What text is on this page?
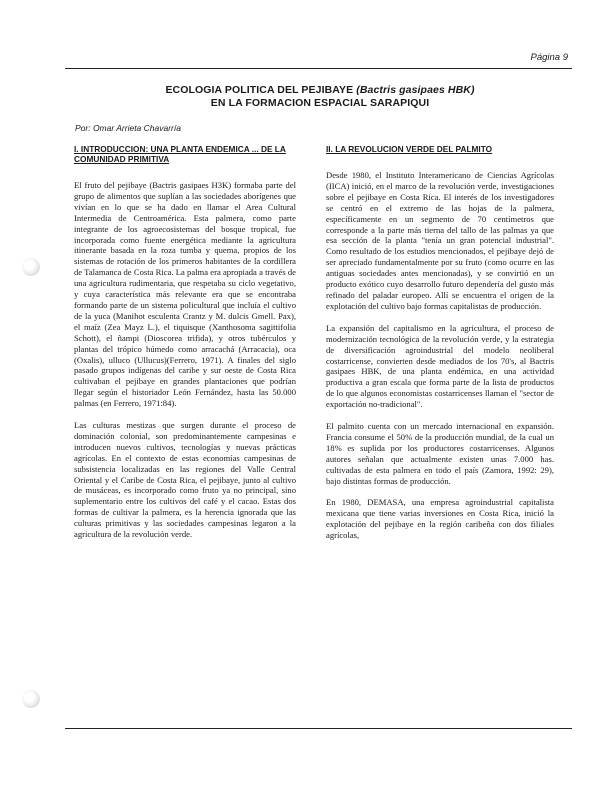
Página 9
ECOLOGIA POLITICA DEL PEJIBAYE (Bactris gasipaes HBK)
EN LA FORMACION ESPACIAL SARAPIQUI
Por: Omar Arrieta Chavarría
I. INTRODUCCION: UNA PLANTA ENDEMICA ... DE LA COMUNIDAD PRIMITIVA

El fruto del pejibaye (Bactris gasipaes H3K) formaba parte del grupo de alimentos que suplían a las sociedades aborígenes que vivían en lo que se ha dado en llamar el Area Cultural Intermedia de Centroamérica. Esta palmera, como parte integrante de los agroecosistemas del bosque tropical, fue incorporada como fuente energética mediante la agricultura itinerante basada en la roza tumba y quema, propios de los sistemas de rotación de los primeros habitantes de la cordillera de Talamanca de Costa Rica. La palma era apropiada a través de una agricultura rudimentaria, que respetaba su ciclo vegetativo, y cuya característica más relevante era que se encontraba formando parte de un sistema policultural que incluía el cultivo de la yuca (Manihot esculenta Crantz y M. dulcis Gmell. Pax), el maíz (Zea Mayz L.), el tiquisque (Xanthosoma sagittifolia Schott), el ñampi (Dioscorea trifida), y otros tubérculos y plantas del trópico húmedo como arracachá (Arracacia), oca (Oxalis), ulluco (Ullucus)(Ferrero, 1971). A finales del siglo pasado grupos indígenas del caribe y sur oeste de Costa Rica cultivaban el pejibaye en grandes plantaciones que podrían llegar según el historiador León Fernández, hasta las 50.000 palmas (en Ferrero, 1971:84).

Las culturas mestizas que surgen durante el proceso de dominación colonial, son predominantemente campesinas e introducen nuevos cultivos, tecnologías y nuevas prácticas agrícolas. En el contexto de estas economías campesinas de subsistencia localizadas en las regiones del Valle Central Oriental y el Caribe de Costa Rica, el pejibaye, junto al cultivo de musáceas, es incorporado como fruto ya no principal, sino suplementario entre los cultivos del café y el cacao. Estas dos formas de cultivar la palmera, es la herencia ignorada que las culturas primitivas y las sociedades campesinas legaron a la agricultura de la revolución verde.

II. LA REVOLUCION VERDE DEL PALMITO

Desde 1980, el Instituto Interamericano de Ciencias Agrícolas (IICA) inició, en el marco de la revolución verde, investigaciones sobre el pejibaye en Costa Rica. El interés de los investigadores se centró en el extremo de las hojas de la palmera, específicamente en un segmento de 70 centímetros que corresponde a la parte más tierna del tallo de las palmas ya que esa sección de la planta "tenía un gran potencial industrial". Como resultado de los estudios mencionados, el pejibaye dejó de ser apreciado fundamentalmente por su fruto (como ocurre en las antiguas sociedades antes mencionadas), y se convirtió en un producto exótico cuyo desarrollo futuro dependería del gusto más refinado del paladar europeo. Allí se encuentra el origen de la explotación del cultivo bajo formas capitalistas de producción.

La expansión del capitalismo en la agricultura, el proceso de modernización tecnológica de la revolución verde, y la estrategia de diversificación agroindustrial del modelo neoliberal costarricense, convierten desde mediados de los 70's, al Bactris gasipaes HBK, de una planta endémica, en una actividad productiva a gran escala que forma parte de la lista de productos de lo que algunos economistas costarricenses llaman el "sector de exportación no-tradicional".

El palmito cuenta con un mercado internacional en expansión. Francia consume el 50% de la producción mundial, de la cual un 18% es suplida por los productores costarricenses. Algunos autores señalan que actualmente existen unas 7.000 has. cultivadas de esta palmera en todo el país (Zamora, 1992: 29), bajo distintas formas de producción.

En 1980, DEMASA, una empresa agroindustrial capitalista mexicana que tiene varias inversiones en Costa Rica, inició la explotación del pejibaye en la región caribeña con dos filiales agrícolas,
